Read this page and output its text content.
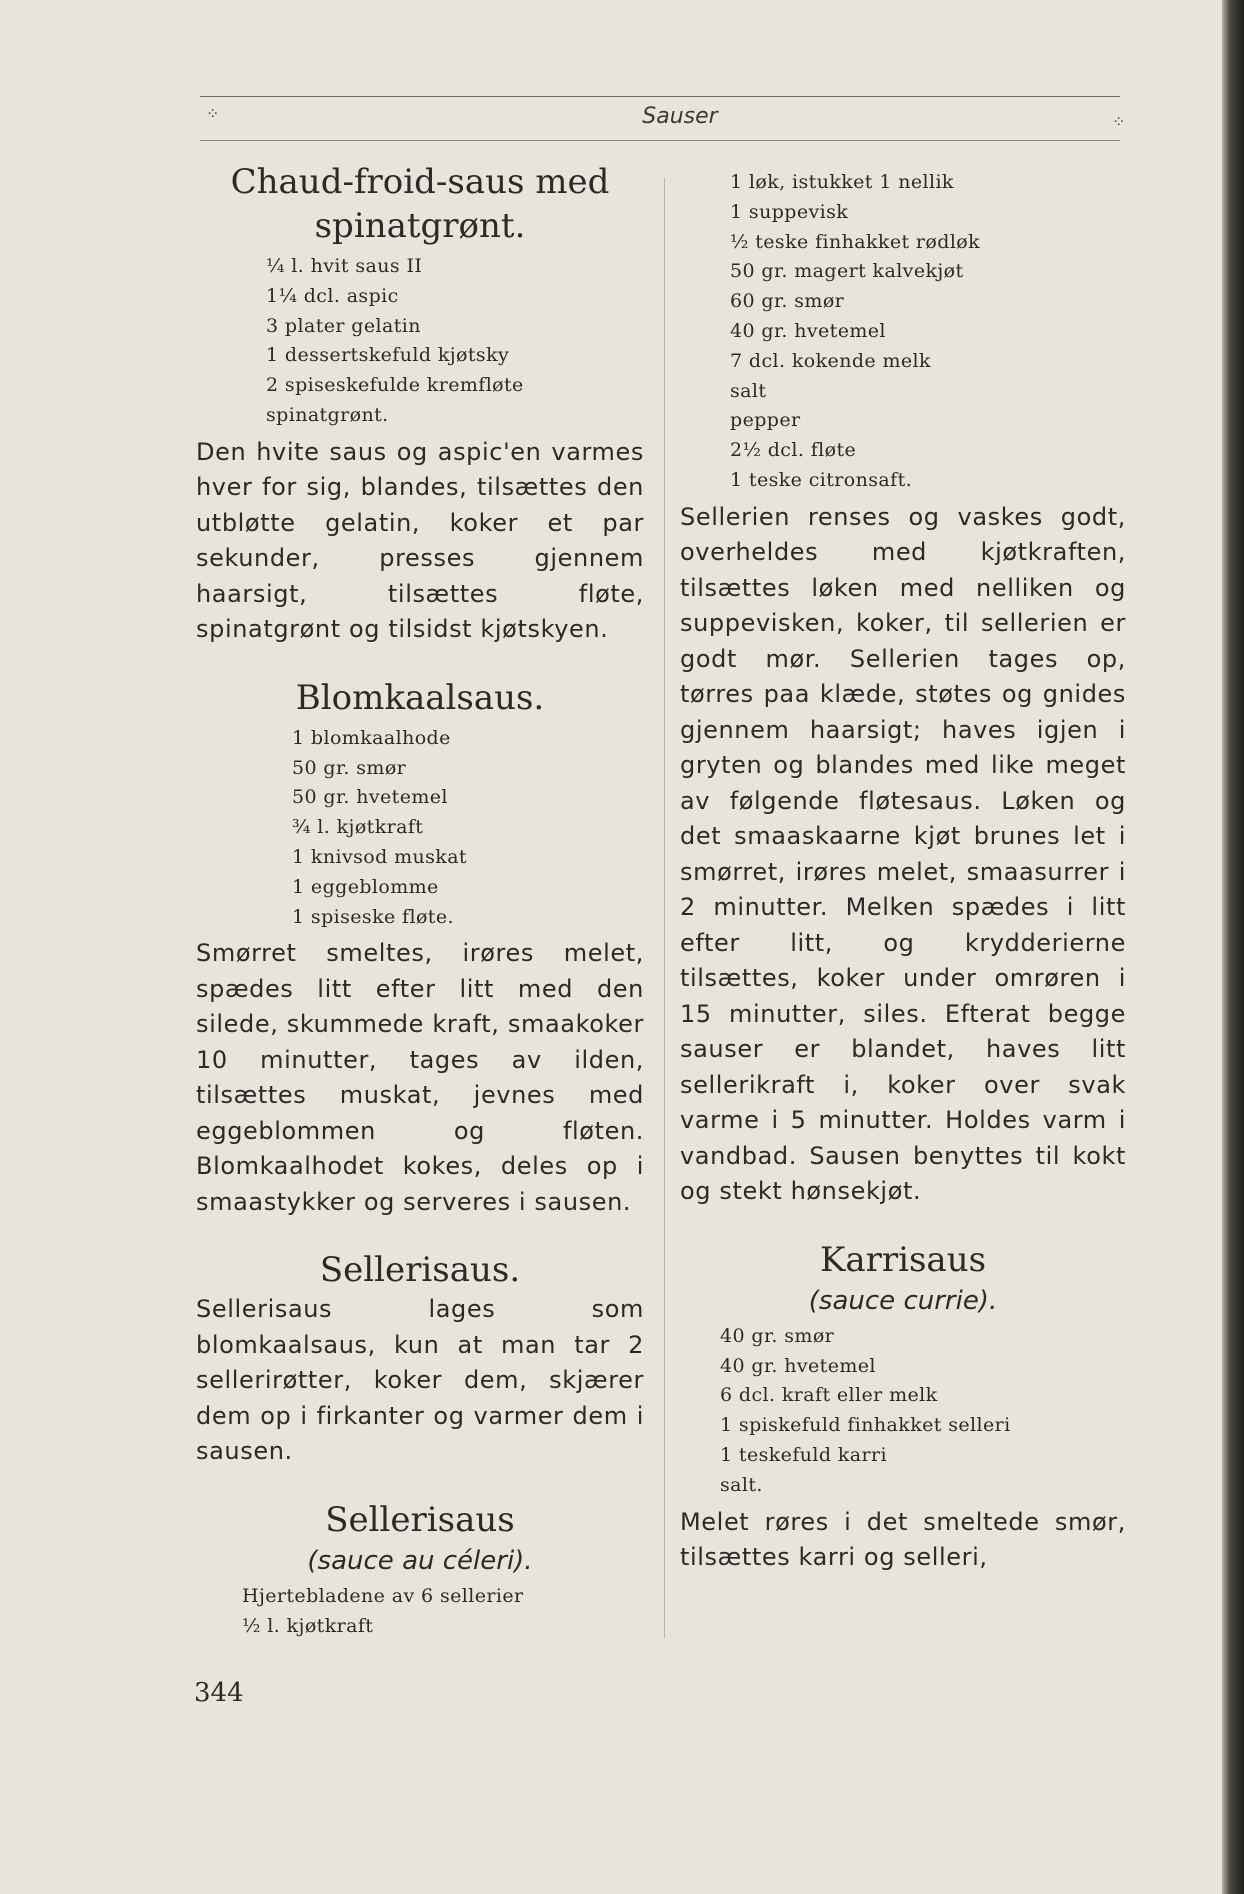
⁘	Sauser	⁘
Chaud-froid-saus med spinatgrønt.
¼ l. hvit saus II
1¼ dcl. aspic
3 plater gelatin
1 dessertskefuld kjøtsky
2 spiseskefulde kremfløte
spinatgrønt.

Den hvite saus og aspic'en varmes hver for sig, blandes, tilsættes den utbløtte gelatin, koker et par sekunder, presses gjennem haarsigt, tilsættes fløte, spinatgrønt og tilsidst kjøtskyen.

Blomkaalsaus.
1 blomkaalhode
50 gr. smør
50 gr. hvetemel
¾ l. kjøtkraft
1 knivsod muskat
1 eggeblomme
1 spiseske fløte.

Smørret smeltes, irøres melet, spædes litt efter litt med den silede, skummede kraft, smaakoker 10 minutter, tages av ilden, tilsættes muskat, jevnes med eggeblommen og fløten. Blomkaalhodet kokes, deles op i smaastykker og serveres i sausen.

Sellerisaus.

Sellerisaus lages som blomkaalsaus, kun at man tar 2 sellerirøtter, koker dem, skjærer dem op i firkanter og varmer dem i sausen.

Sellerisaus
(sauce au céleri).
Hjertebladene av 6 sellerier
½ l. kjøtkraft
1 løk, istukket 1 nellik
1 suppevisk
½ teske finhakket rødløk
50 gr. magert kalvekjøt
60 gr. smør
40 gr. hvetemel
7 dcl. kokende melk
salt
pepper
2½ dcl. fløte
1 teske citronsaft.

Sellerien renses og vaskes godt, overheldes med kjøtkraften, tilsættes løken med nelliken og suppevisken, koker, til sellerien er godt mør. Sellerien tages op, tørres paa klæde, støtes og gnides gjennem haarsigt; haves igjen i gryten og blandes med like meget av følgende fløtesaus. Løken og det smaaskaarne kjøt brunes let i smørret, irøres melet, smaasurrer i 2 minutter. Melken spædes i litt efter litt, og krydderierne tilsættes, koker under omrøren i 15 minutter, siles. Efterat begge sauser er blandet, haves litt sellerikraft i, koker over svak varme i 5 minutter. Holdes varm i vandbad. Sausen benyttes til kokt og stekt hønsekjøt.

Karrisaus
(sauce currie).
40 gr. smør
40 gr. hvetemel
6 dcl. kraft eller melk
1 spiskefuld finhakket selleri
1 teskefuld karri
salt.

Melet røres i det smeltede smør, tilsættes karri og selleri,

344
